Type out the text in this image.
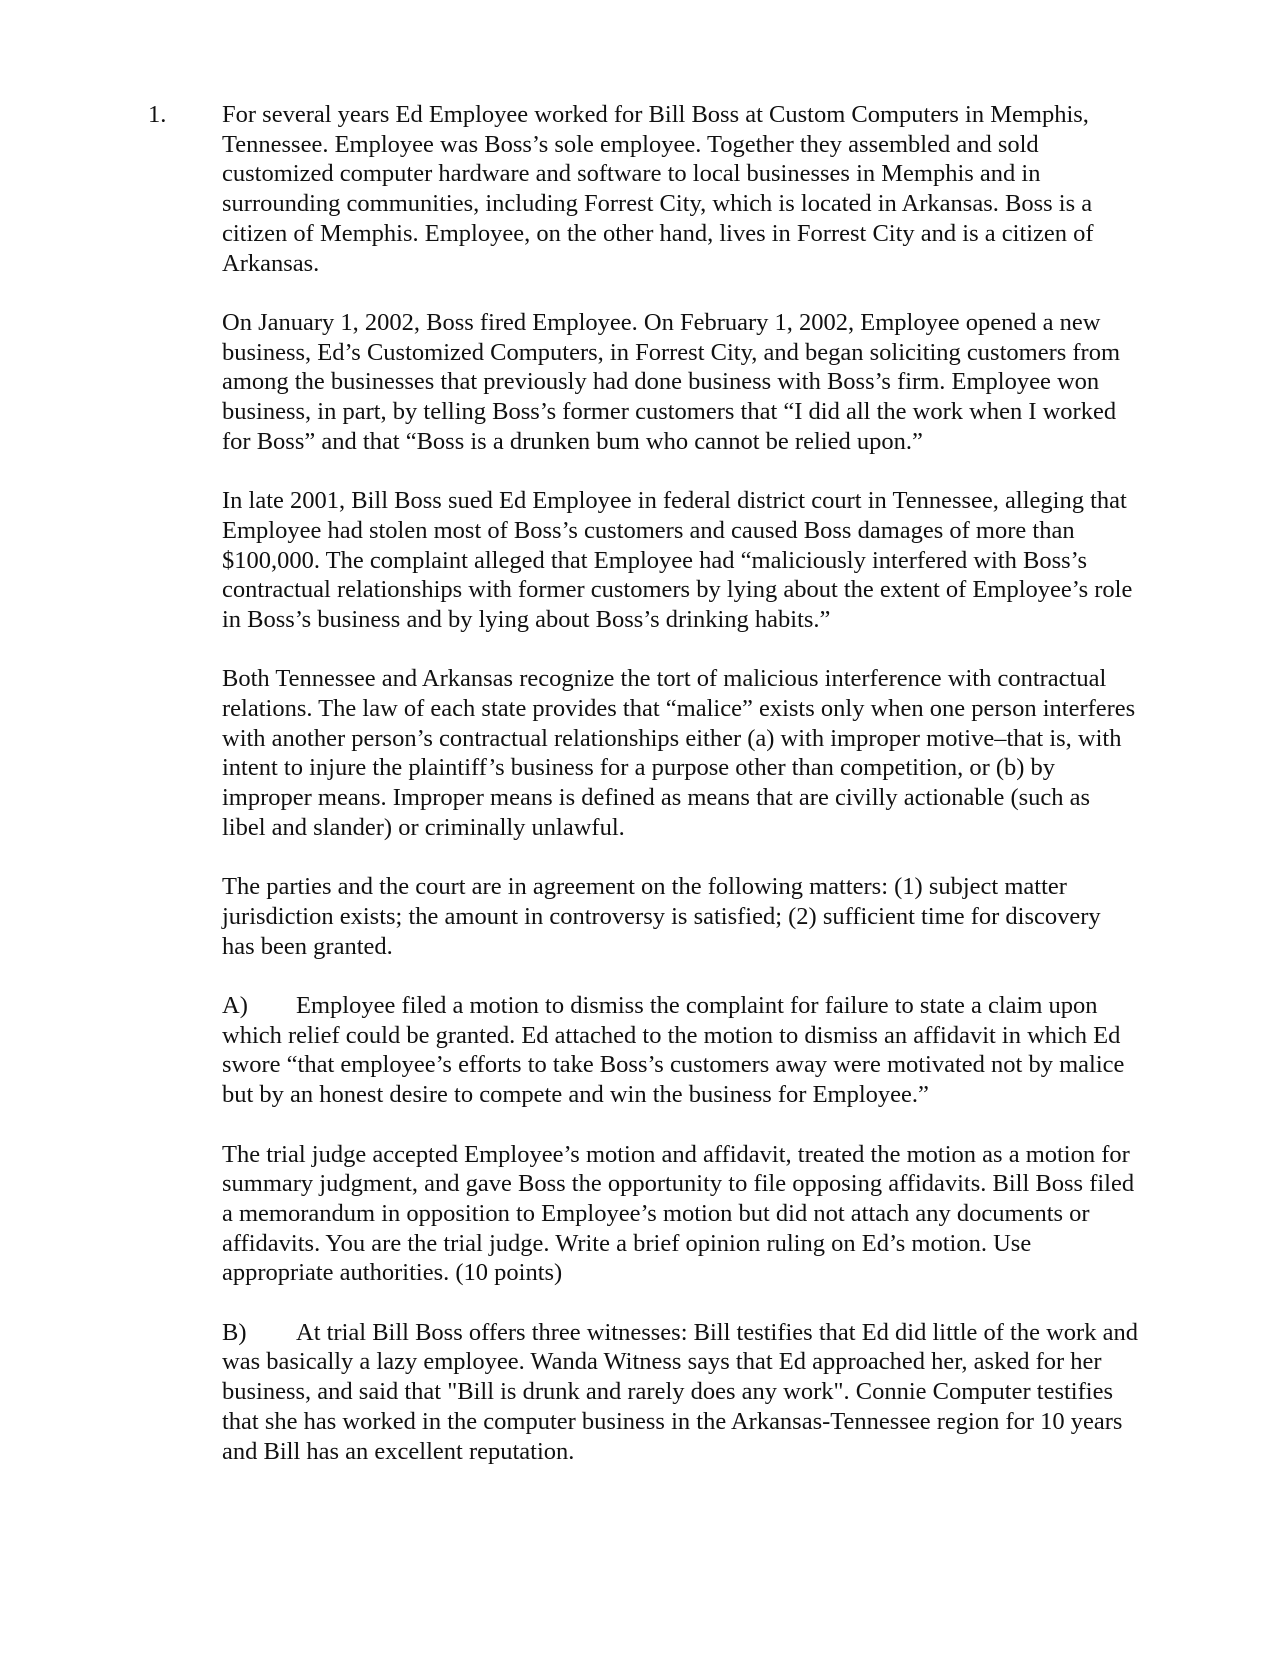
1. For several years Ed Employee worked for Bill Boss at Custom Computers in Memphis, Tennessee. Employee was Boss’s sole employee. Together they assembled and sold customized computer hardware and software to local businesses in Memphis and in surrounding communities, including Forrest City, which is located in Arkansas. Boss is a citizen of Memphis. Employee, on the other hand, lives in Forrest City and is a citizen of Arkansas.

On January 1, 2002, Boss fired Employee. On February 1, 2002, Employee opened a new business, Ed’s Customized Computers, in Forrest City, and began soliciting customers from among the businesses that previously had done business with Boss’s firm. Employee won business, in part, by telling Boss’s former customers that “I did all the work when I worked for Boss” and that “Boss is a drunken bum who cannot be relied upon.”

In late 2001, Bill Boss sued Ed Employee in federal district court in Tennessee, alleging that Employee had stolen most of Boss’s customers and caused Boss damages of more than $100,000. The complaint alleged that Employee had “maliciously interfered with Boss’s contractual relationships with former customers by lying about the extent of Employee’s role in Boss’s business and by lying about Boss’s drinking habits.”

Both Tennessee and Arkansas recognize the tort of malicious interference with contractual relations. The law of each state provides that “malice” exists only when one person interferes with another person’s contractual relationships either (a) with improper motive–that is, with intent to injure the plaintiff’s business for a purpose other than competition, or (b) by improper means. Improper means is defined as means that are civilly actionable (such as libel and slander) or criminally unlawful.

The parties and the court are in agreement on the following matters: (1) subject matter jurisdiction exists; the amount in controversy is satisfied; (2) sufficient time for discovery has been granted.

A) Employee filed a motion to dismiss the complaint for failure to state a claim upon which relief could be granted. Ed attached to the motion to dismiss an affidavit in which Ed swore “that employee’s efforts to take Boss’s customers away were motivated not by malice but by an honest desire to compete and win the business for Employee.”

The trial judge accepted Employee’s motion and affidavit, treated the motion as a motion for summary judgment, and gave Boss the opportunity to file opposing affidavits. Bill Boss filed a memorandum in opposition to Employee’s motion but did not attach any documents or affidavits. You are the trial judge. Write a brief opinion ruling on Ed’s motion. Use appropriate authorities. (10 points)

B) At trial Bill Boss offers three witnesses: Bill testifies that Ed did little of the work and was basically a lazy employee. Wanda Witness says that Ed approached her, asked for her business, and said that "Bill is drunk and rarely does any work". Connie Computer testifies that she has worked in the computer business in the Arkansas-Tennessee region for 10 years and Bill has an excellent reputation.
